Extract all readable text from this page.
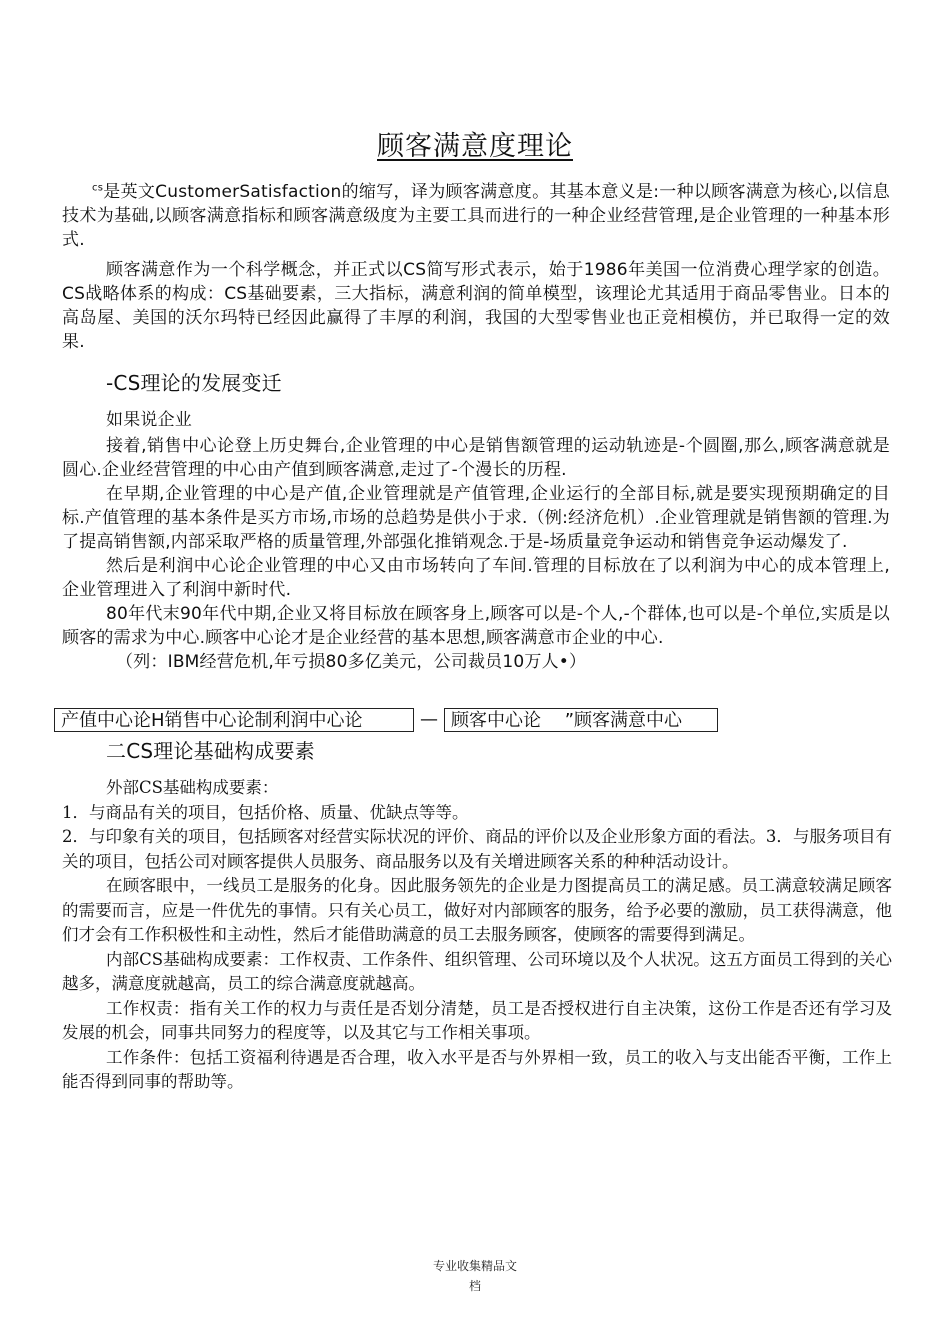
顾客满意度理论

$^{cs}$是英文CustomerSatisfaction的缩写，译为顾客满意度。其基本意义是:一种以顾客满意为核心,以信息技术为基础,以顾客满意指标和顾客满意级度为主要工具而进行的一种企业经营管理,是企业管理的一种基本形式.

顾客满意作为一个科学概念，并正式以CS简写形式表示，始于1986年美国一位消费心理学家的创造。CS战略体系的构成：CS基础要素，三大指标，满意利润的简单模型，该理论尤其适用于商品零售业。日本的高岛屋、美国的沃尔玛特已经因此赢得了丰厚的利润，我国的大型零售业也正竞相模仿，并已取得一定的效果.

-CS理论的发展变迁

如果说企业

接着,销售中心论登上历史舞台,企业管理的中心是销售额管理的运动轨迹是-个圆圈,那么,顾客满意就是圆心.企业经营管理的中心由产值到顾客满意,走过了-个漫长的历程.

在早期,企业管理的中心是产值,企业管理就是产值管理,企业运行的全部目标,就是要实现预期确定的目标.产值管理的基本条件是买方市场,市场的总趋势是供小于求.（例:经济危机）.企业管理就是销售额的管理.为了提高销售额,内部采取严格的质量管理,外部强化推销观念.于是-场质量竞争运动和销售竞争运动爆发了.

然后是利润中心论企业管理的中心又由市场转向了车间.管理的目标放在了以利润为中心的成本管理上,企业管理进入了利润中新时代.

80年代末90年代中期,企业又将目标放在顾客身上,顾客可以是-个人,-个群体,也可以是-个单位,实质是以顾客的需求为中心.顾客中心论才是企业经营的基本思想,顾客满意市企业的中心.

（列：IBM经营危机,年亏损80多亿美元，公司裁员10万人•）

产值中心论H销售中心论制利润中心论	— 顾客中心论　 ”顾客满意中心
二CS理论基础构成要素

外部CS基础构成要素：

1．与商品有关的项目，包括价格、质量、优缺点等等。

2．与印象有关的项目，包括顾客对经营实际状况的评价、商品的评价以及企业形象方面的看法。3．与服务项目有关的项目，包括公司对顾客提供人员服务、商品服务以及有关增进顾客关系的种种活动设计。

在顾客眼中，一线员工是服务的化身。因此服务领先的企业是力图提高员工的满足感。员工满意较满足顾客的需要而言，应是一件优先的事情。只有关心员工，做好对内部顾客的服务，给予必要的激励，员工获得满意，他们才会有工作积极性和主动性，然后才能借助满意的员工去服务顾客，使顾客的需要得到满足。

内部CS基础构成要素：工作权责、工作条件、组织管理、公司环境以及个人状况。这五方面员工得到的关心越多，满意度就越高，员工的综合满意度就越高。

工作权责：指有关工作的权力与责任是否划分清楚，员工是否授权进行自主决策，这份工作是否还有学习及发展的机会，同事共同努力的程度等，以及其它与工作相关事项。

工作条件：包括工资福利待遇是否合理，收入水平是否与外界相一致，员工的收入与支出能否平衡，工作上能否得到同事的帮助等。

专业收集精品文
档
